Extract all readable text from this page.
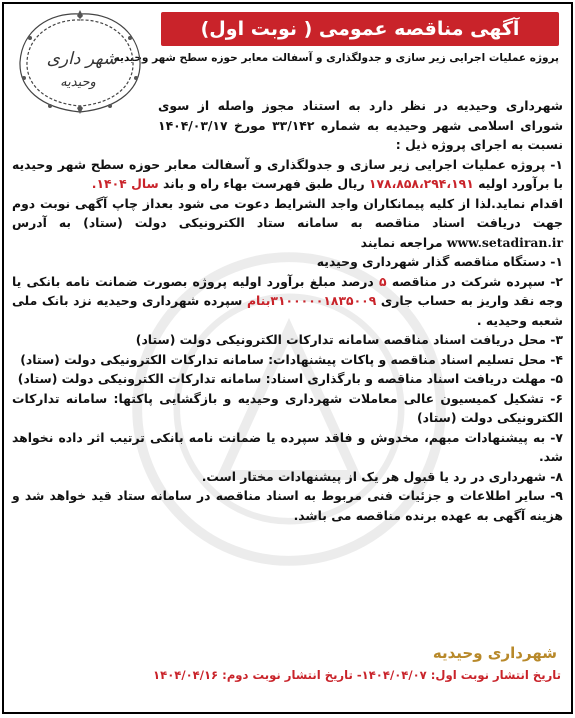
آگهی مناقصه عمومی ( نوبت اول)
پروژه عملیات اجرایی زیر سازی و جدولگذاری و آسفالت معابر حوزه سطح شهر وحیدیه
شهر داری
وحیدیه

شهرداری وحیدیه در نظر دارد به استناد مجوز واصله از سوی شورای اسلامی شهر وحیدیه به شماره ۳۳/۱۴۲ مورخ ۱۴۰۴/۰۳/۱۷ نسبت به اجرای پروژه ذیل :

۱- پروژه عملیات اجرایی زیر سازی و جدولگذاری و آسفالت معابر حوزه سطح شهر وحیدیه با برآورد اولیه ۱۷۸،۸۵۸،۲۹۴،۱۹۱ ریال طبق فهرست بهاء راه و باند سال ۱۴۰۴.

اقدام نماید.لذا از کلیه پیمانکاران واجد الشرایط دعوت می شود بعداز چاپ آگهی نوبت دوم جهت دریافت اسناد مناقصه به سامانه ستاد الکترونیکی دولت (ستاد) به آدرس www.setadiran.ir مراجعه نمایند

۱- دستگاه مناقصه گذار شهرداری وحیدیه

۲- سپرده شرکت در مناقصه ۵ درصد مبلغ برآورد اولیه پروژه بصورت ضمانت نامه بانکی یا وجه نقد واریز به حساب جاری ۳۱۰۰۰۰۰۱۸۳۵۰۰۹بنام سپرده شهرداری وحیدیه نزد بانک ملی شعبه وحیدیه .

۳- محل دریافت اسناد مناقصه سامانه تدارکات الکترونیکی دولت (ستاد)

۴- محل تسلیم اسناد مناقصه و پاکات پیشنهادات: سامانه تدارکات الکترونیکی دولت (ستاد)

۵- مهلت دریافت اسناد مناقصه و بارگذاری اسناد: سامانه تدارکات الکترونیکی دولت (ستاد)

۶- تشکیل کمیسیون عالی معاملات شهرداری وحیدیه و بازگشایی پاکتها: سامانه تدارکات الکترونیکی دولت (ستاد)

۷- به پیشنهادات مبهم، مخدوش و فاقد سپرده یا ضمانت نامه بانکی ترتیب اثر داده نخواهد شد.

۸- شهرداری در رد یا قبول هر یک از پیشنهادات مختار است.

۹- سایر اطلاعات و جزئیات فنی مربوط به اسناد مناقصه در سامانه ستاد قید خواهد شد و هزینه آگهی به عهده برنده مناقصه می باشد.

شهرداری وحیدیه
تاریخ انتشار نوبت اول: ۱۴۰۴/۰۴/۰۷- تاریخ انتشار نوبت دوم: ۱۴۰۴/۰۴/۱۶
